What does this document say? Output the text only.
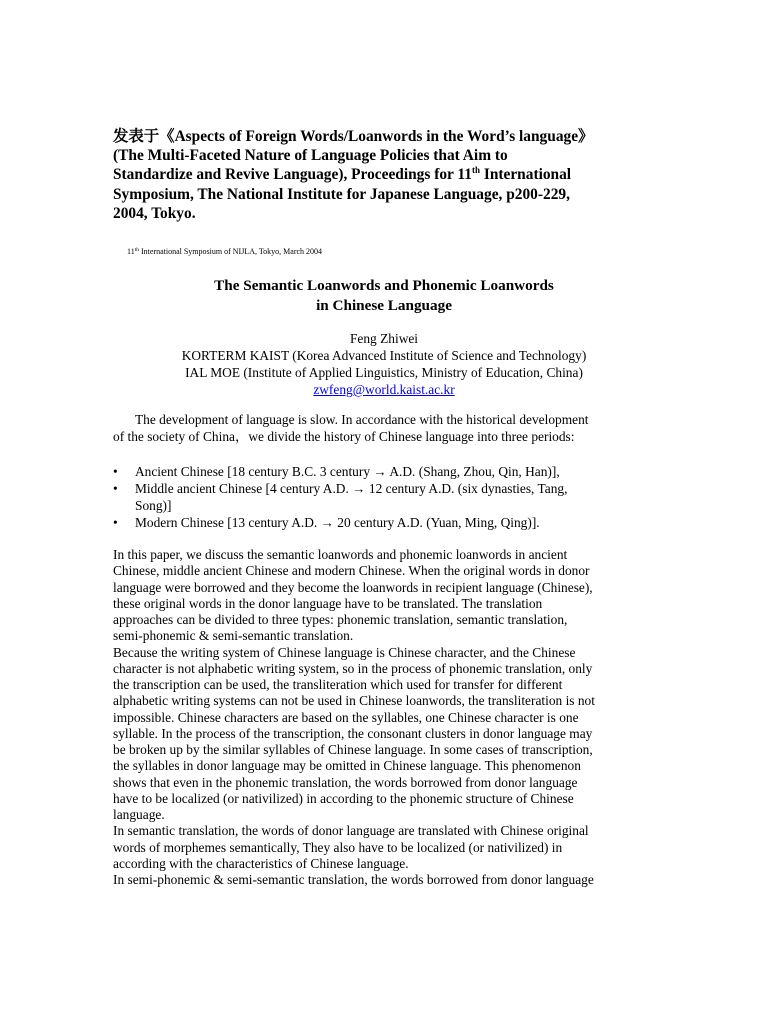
发表于《Aspects of Foreign Words/Loanwords in the Word’s language》
(The Multi-Faceted Nature of Language Policies that Aim to
Standardize and Revive Language), Proceedings for 11th International
Symposium, The National Institute for Japanese Language, p200-229,
2004, Tokyo.
11th International Symposium of NIJLA, Tokyo, March 2004
The Semantic Loanwords and Phonemic Loanwords
in Chinese Language
Feng Zhiwei
KORTERM KAIST (Korea Advanced Institute of Science and Technology)
IAL MOE (Institute of Applied Linguistics, Ministry of Education, China)
zwfeng@world.kaist.ac.kr
The development of language is slow. In accordance with the historical development
of the society of China，we divide the history of Chinese language into three periods:
• Ancient Chinese [18 century B.C. 3 century → A.D. (Shang, Zhou, Qin, Han)],
• Middle ancient Chinese [4 century A.D. → 12 century A.D. (six dynasties, Tang,
Song)]
• Modern Chinese [13 century A.D. → 20 century A.D. (Yuan, Ming, Qing)].
In this paper, we discuss the semantic loanwords and phonemic loanwords in ancient
Chinese, middle ancient Chinese and modern Chinese. When the original words in donor
language were borrowed and they become the loanwords in recipient language (Chinese),
these original words in the donor language have to be translated. The translation
approaches can be divided to three types: phonemic translation, semantic translation,
semi-phonemic & semi-semantic translation.
Because the writing system of Chinese language is Chinese character, and the Chinese
character is not alphabetic writing system, so in the process of phonemic translation, only
the transcription can be used, the transliteration which used for transfer for different
alphabetic writing systems can not be used in Chinese loanwords, the transliteration is not
impossible. Chinese characters are based on the syllables, one Chinese character is one
syllable. In the process of the transcription, the consonant clusters in donor language may
be broken up by the similar syllables of Chinese language. In some cases of transcription,
the syllables in donor language may be omitted in Chinese language. This phenomenon
shows that even in the phonemic translation, the words borrowed from donor language
have to be localized (or nativilized) in according to the phonemic structure of Chinese
language.
In semantic translation, the words of donor language are translated with Chinese original
words of morphemes semantically, They also have to be localized (or nativilized) in
according with the characteristics of Chinese language.
In semi-phonemic & semi-semantic translation, the words borrowed from donor language
